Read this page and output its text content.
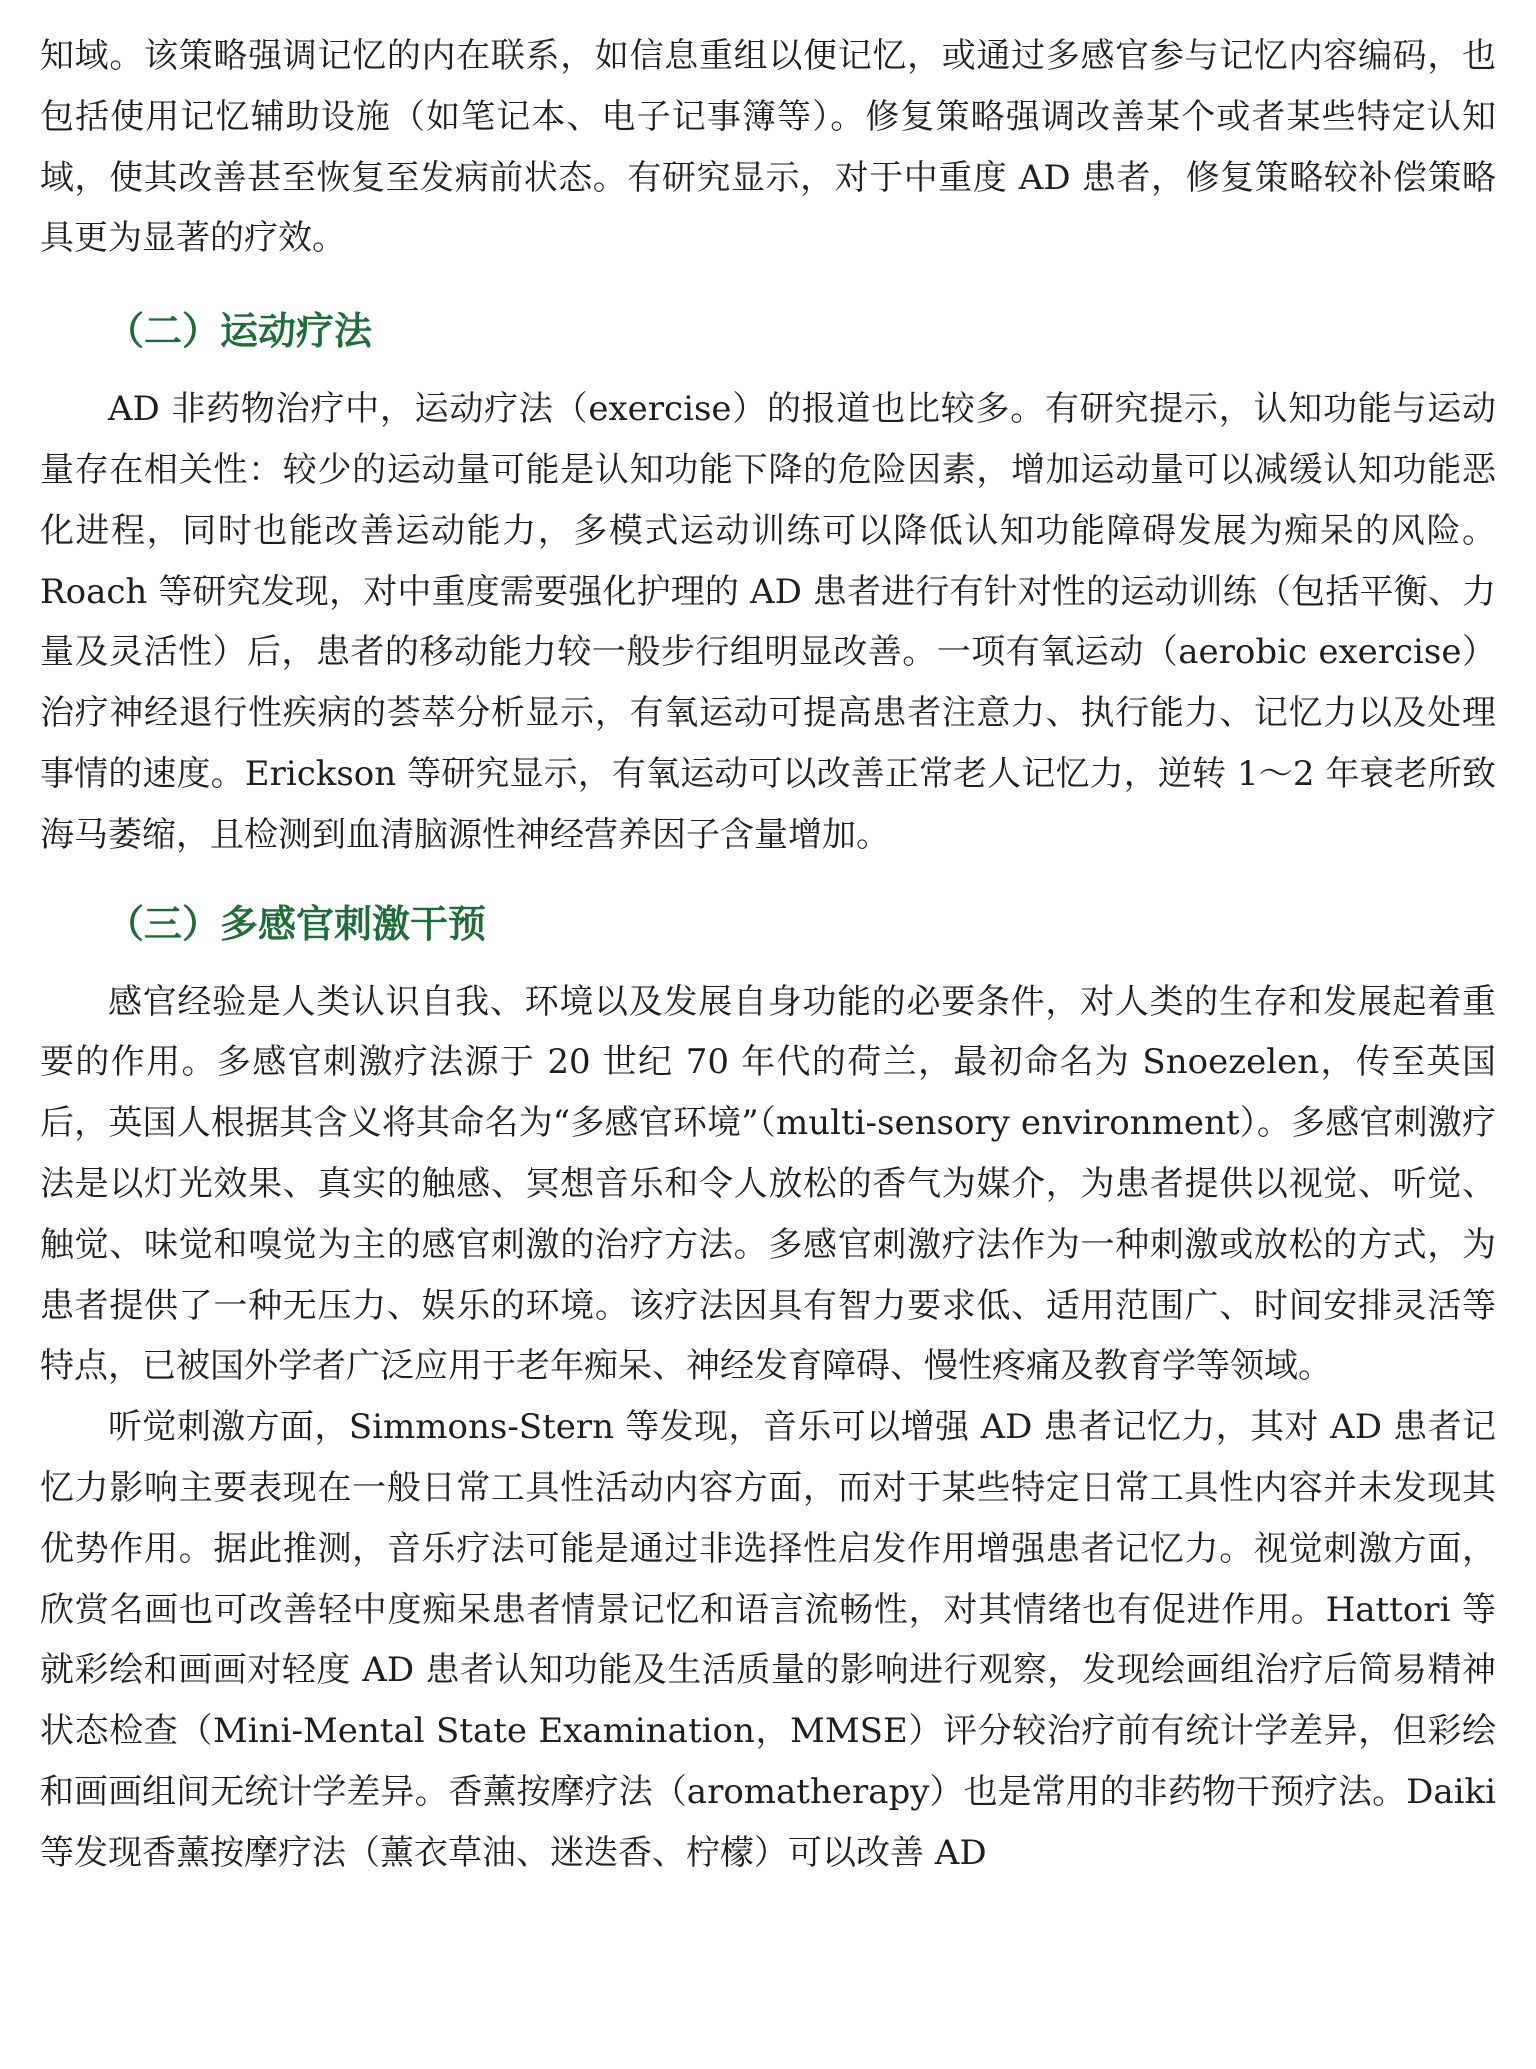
知域。该策略强调记忆的内在联系，如信息重组以便记忆，或通过多感官参与记忆内容编码，也包括使用记忆辅助设施（如笔记本、电子记事簿等）。修复策略强调改善某个或者某些特定认知域，使其改善甚至恢复至发病前状态。有研究显示，对于中重度 AD 患者，修复策略较补偿策略具更为显著的疗效。

（二）运动疗法

AD 非药物治疗中，运动疗法（exercise）的报道也比较多。有研究提示，认知功能与运动量存在相关性：较少的运动量可能是认知功能下降的危险因素，增加运动量可以减缓认知功能恶化进程，同时也能改善运动能力，多模式运动训练可以降低认知功能障碍发展为痴呆的风险。Roach 等研究发现，对中重度需要强化护理的 AD 患者进行有针对性的运动训练（包括平衡、力量及灵活性）后，患者的移动能力较一般步行组明显改善。一项有氧运动（aerobic exercise）治疗神经退行性疾病的荟萃分析显示，有氧运动可提高患者注意力、执行能力、记忆力以及处理事情的速度。Erickson 等研究显示，有氧运动可以改善正常老人记忆力，逆转 1～2 年衰老所致海马萎缩，且检测到血清脑源性神经营养因子含量增加。

（三）多感官刺激干预

感官经验是人类认识自我、环境以及发展自身功能的必要条件，对人类的生存和发展起着重要的作用。多感官刺激疗法源于 20 世纪 70 年代的荷兰，最初命名为 Snoezelen，传至英国后，英国人根据其含义将其命名为“多感官环境”（multi-sensory environment）。多感官刺激疗法是以灯光效果、真实的触感、冥想音乐和令人放松的香气为媒介，为患者提供以视觉、听觉、触觉、味觉和嗅觉为主的感官刺激的治疗方法。多感官刺激疗法作为一种刺激或放松的方式，为患者提供了一种无压力、娱乐的环境。该疗法因具有智力要求低、适用范围广、时间安排灵活等特点，已被国外学者广泛应用于老年痴呆、神经发育障碍、慢性疼痛及教育学等领域。

听觉刺激方面，Simmons-Stern 等发现，音乐可以增强 AD 患者记忆力，其对 AD 患者记忆力影响主要表现在一般日常工具性活动内容方面，而对于某些特定日常工具性内容并未发现其优势作用。据此推测，音乐疗法可能是通过非选择性启发作用增强患者记忆力。视觉刺激方面，欣赏名画也可改善轻中度痴呆患者情景记忆和语言流畅性，对其情绪也有促进作用。Hattori 等就彩绘和画画对轻度 AD 患者认知功能及生活质量的影响进行观察，发现绘画组治疗后简易精神状态检查（Mini-Mental State Examination，MMSE）评分较治疗前有统计学差异，但彩绘和画画组间无统计学差异。香薰按摩疗法（aromatherapy）也是常用的非药物干预疗法。Daiki 等发现香薰按摩疗法（薰衣草油、迷迭香、柠檬）可以改善 AD
